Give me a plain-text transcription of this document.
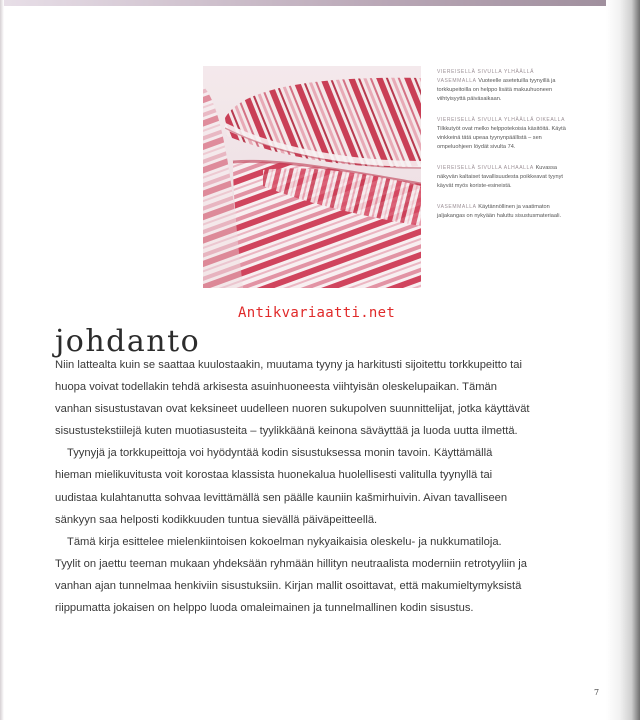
VIEREISELLÄ SIVULLA YLHÄÄLLÄ VASEMMALLA Vuoteelle asetetuilla tyynyillä ja torkkupeitoilla on helppo lisätä makuuhuoneen viihtyisyyttä päiväsaikaan.
VIEREISELLÄ SIVULLA YLHÄÄLLÄ OIKEALLA Tilkkutyöt ovat melko helppotekoisia käsitöitä. Käytä vinkkeinä tätä upeaa tyynynpäällistä – sen ompeluohjeen löydät sivulta 74.
VIEREISELLÄ SIVULLA ALHAALLA Kuvassa näkyvän kaltaiset tavallisuudesta poikkeavat tyynyt käyvät myös koriste-esineistä.
VASEMMALLA Käytännöllinen ja vaatimaton jaljakangas on nykyään haluttu sisustusmateriaali.
johdanto
Antikvariaatti.net

Niin lattealta kuin se saattaa kuulostaakin, muutama tyyny ja harkitusti sijoitettu torkkupeitto tai huopa voivat todellakin tehdä arkisesta asuinhuoneesta viihtyisän oleskelupaikan. Tämän vanhan sisustustavan ovat keksineet uudelleen nuoren sukupolven suunnittelijat, jotka käyttävät sisustustekstiilejä kuten muotiasusteita – tyylikkäänä keinona säväyttää ja luoda uutta ilmettä.

Tyynyjä ja torkkupeittoja voi hyödyntää kodin sisustuksessa monin tavoin. Käyttämällä hieman mielikuvitusta voit korostaa klassista huonekalua huolellisesti valitulla tyynyllä tai uudistaa kulahtanutta sohvaa levittämällä sen päälle kauniin kašmirhuivin. Aivan tavalliseen sänkyyn saa helposti kodikkuuden tuntua sievällä päiväpeitteellä.

Tämä kirja esittelee mielenkiintoisen kokoelman nykyaikaisia oleskelu- ja nukkumatiloja. Tyylit on jaettu teeman mukaan yhdeksään ryhmään hillityn neutraalista moderniin retrotyyliin ja vanhan ajan tunnelmaa henkiviin sisustuksiin. Kirjan mallit osoittavat, että makumieltymyksistä riippumatta jokaisen on helppo luoda omaleimainen ja tunnelmallinen kodin sisustus.

7
